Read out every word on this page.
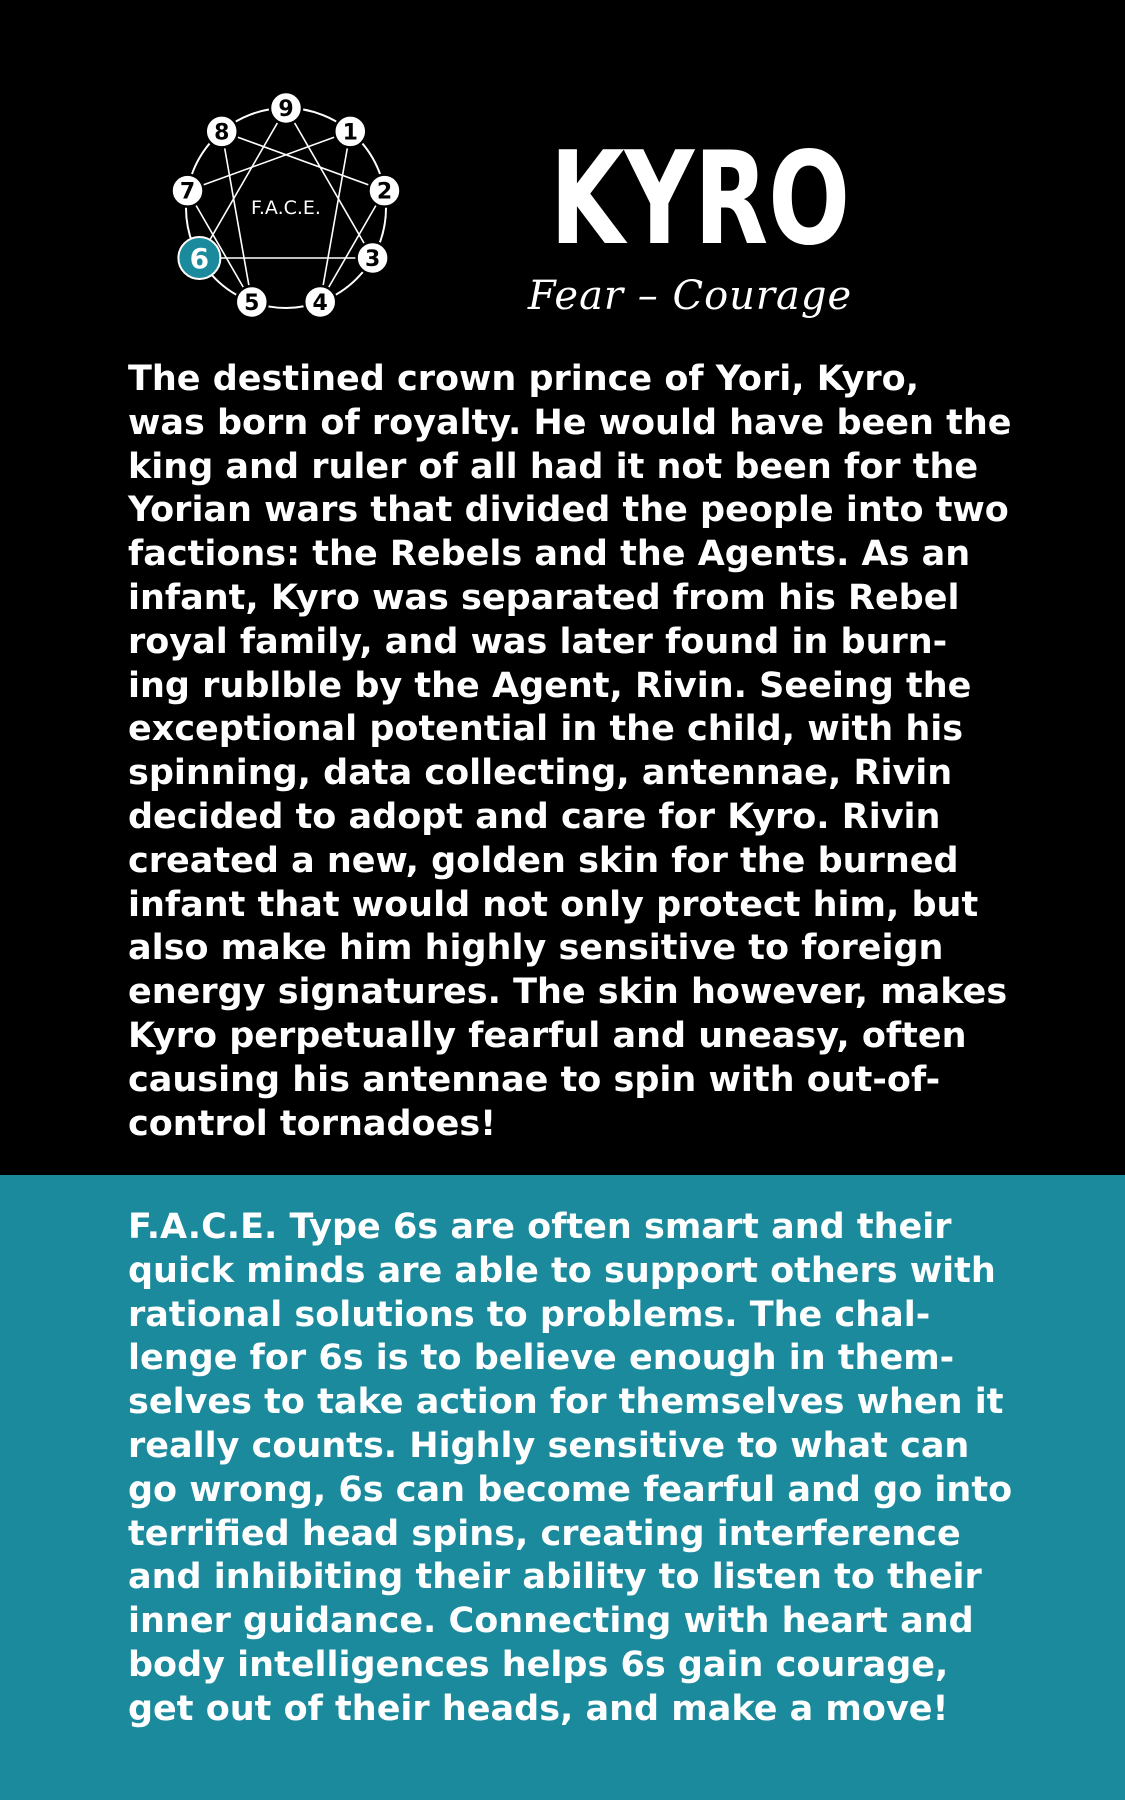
F.A.C.E.
9
1
2
3
4
5
6
7
8	KYRO
Fear – Courage

The destined crown prince of Yori, Kyro,
was born of royalty. He would have been the
king and ruler of all had it not been for the
Yorian wars that divided the people into two
factions: the Rebels and the Agents. As an
infant, Kyro was separated from his Rebel
royal family, and was later found in burn-
ing rublble by the Agent, Rivin. Seeing the
exceptional potential in the child, with his
spinning, data collecting, antennae, Rivin
decided to adopt and care for Kyro. Rivin
created a new, golden skin for the burned
infant that would not only protect him, but
also make him highly sensitive to foreign
energy signatures. The skin however, makes
Kyro perpetually fearful and uneasy, often
causing his antennae to spin with out-of-
control tornadoes!

F.A.C.E. Type 6s are often smart and their
quick minds are able to support others with
rational solutions to problems. The chal-
lenge for 6s is to believe enough in them-
selves to take action for themselves when it
really counts. Highly sensitive to what can
go wrong, 6s can become fearful and go into
terrified head spins, creating interference
and inhibiting their ability to listen to their
inner guidance. Connecting with heart and
body intelligences helps 6s gain courage,
get out of their heads, and make a move!
